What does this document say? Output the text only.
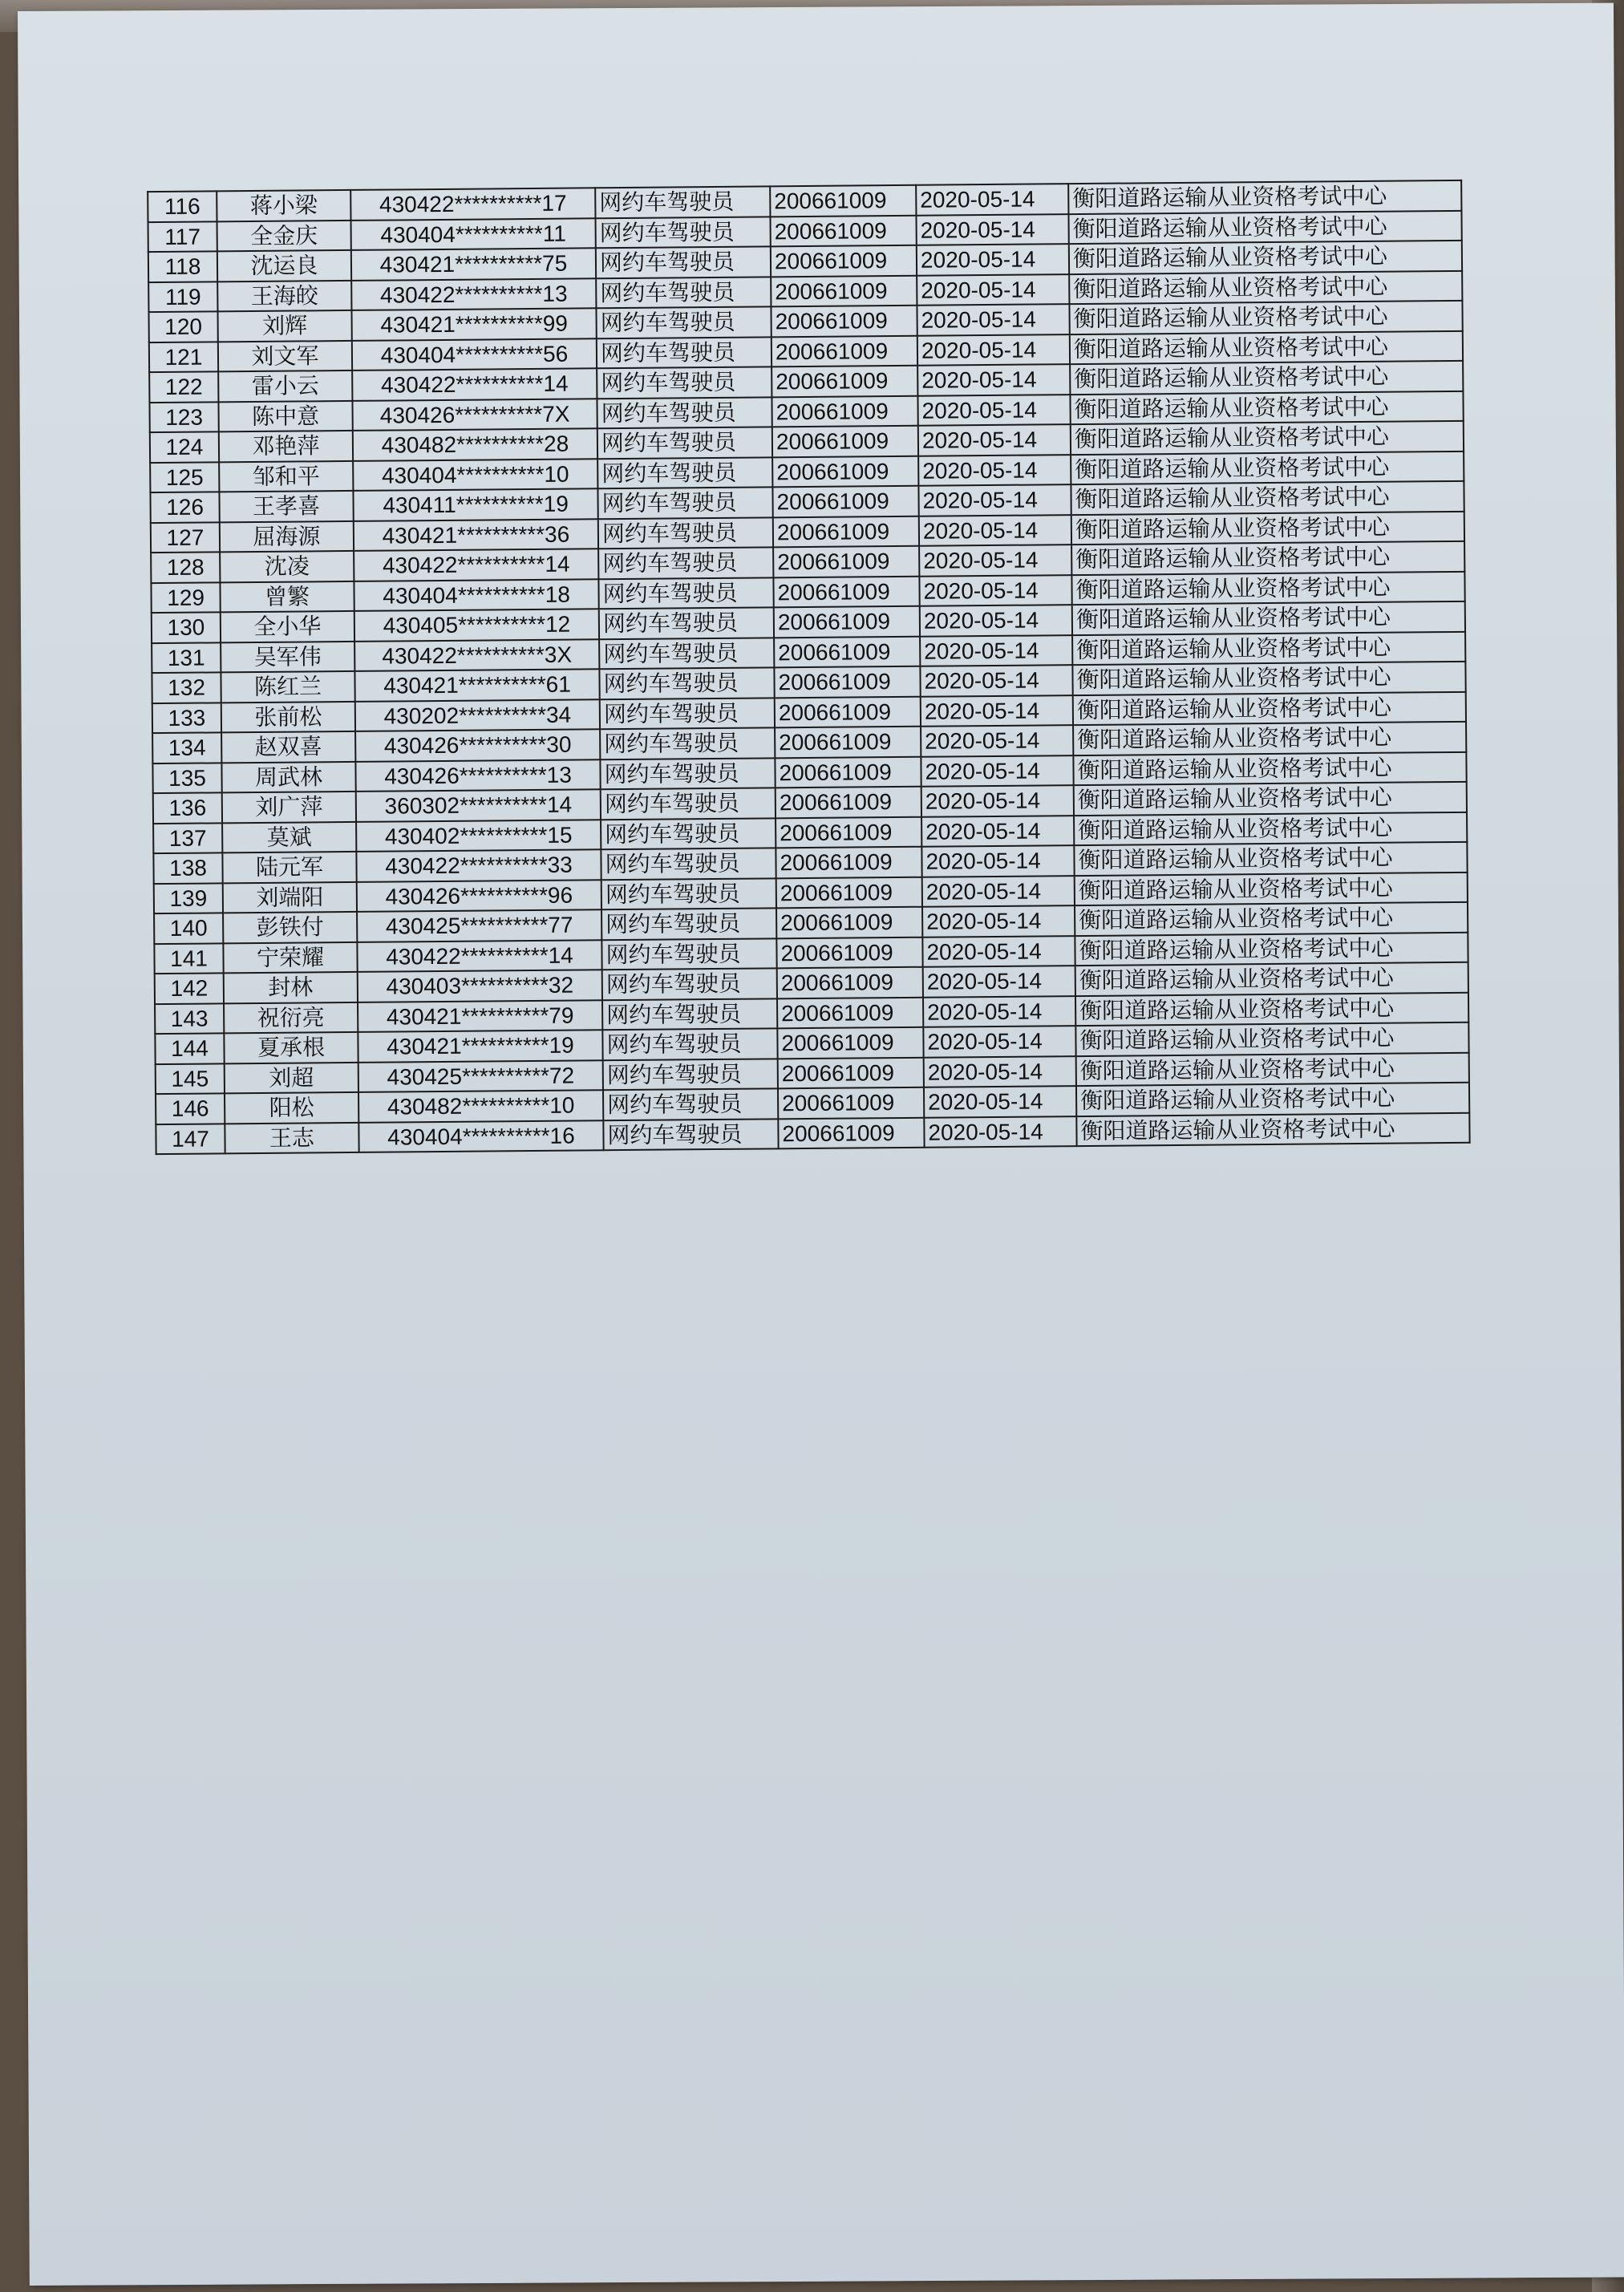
116	蒋小梁	430422**********17	网约车驾驶员	200661009	2020-05-14	衡阳道路运输从业资格考试中心
117	全金庆	430404**********11	网约车驾驶员	200661009	2020-05-14	衡阳道路运输从业资格考试中心
118	沈运良	430421**********75	网约车驾驶员	200661009	2020-05-14	衡阳道路运输从业资格考试中心
119	王海皎	430422**********13	网约车驾驶员	200661009	2020-05-14	衡阳道路运输从业资格考试中心
120	刘辉	430421**********99	网约车驾驶员	200661009	2020-05-14	衡阳道路运输从业资格考试中心
121	刘文军	430404**********56	网约车驾驶员	200661009	2020-05-14	衡阳道路运输从业资格考试中心
122	雷小云	430422**********14	网约车驾驶员	200661009	2020-05-14	衡阳道路运输从业资格考试中心
123	陈中意	430426**********7X	网约车驾驶员	200661009	2020-05-14	衡阳道路运输从业资格考试中心
124	邓艳萍	430482**********28	网约车驾驶员	200661009	2020-05-14	衡阳道路运输从业资格考试中心
125	邹和平	430404**********10	网约车驾驶员	200661009	2020-05-14	衡阳道路运输从业资格考试中心
126	王孝喜	430411**********19	网约车驾驶员	200661009	2020-05-14	衡阳道路运输从业资格考试中心
127	屈海源	430421**********36	网约车驾驶员	200661009	2020-05-14	衡阳道路运输从业资格考试中心
128	沈凌	430422**********14	网约车驾驶员	200661009	2020-05-14	衡阳道路运输从业资格考试中心
129	曾繁	430404**********18	网约车驾驶员	200661009	2020-05-14	衡阳道路运输从业资格考试中心
130	全小华	430405**********12	网约车驾驶员	200661009	2020-05-14	衡阳道路运输从业资格考试中心
131	吴军伟	430422**********3X	网约车驾驶员	200661009	2020-05-14	衡阳道路运输从业资格考试中心
132	陈红兰	430421**********61	网约车驾驶员	200661009	2020-05-14	衡阳道路运输从业资格考试中心
133	张前松	430202**********34	网约车驾驶员	200661009	2020-05-14	衡阳道路运输从业资格考试中心
134	赵双喜	430426**********30	网约车驾驶员	200661009	2020-05-14	衡阳道路运输从业资格考试中心
135	周武林	430426**********13	网约车驾驶员	200661009	2020-05-14	衡阳道路运输从业资格考试中心
136	刘广萍	360302**********14	网约车驾驶员	200661009	2020-05-14	衡阳道路运输从业资格考试中心
137	莫斌	430402**********15	网约车驾驶员	200661009	2020-05-14	衡阳道路运输从业资格考试中心
138	陆元军	430422**********33	网约车驾驶员	200661009	2020-05-14	衡阳道路运输从业资格考试中心
139	刘端阳	430426**********96	网约车驾驶员	200661009	2020-05-14	衡阳道路运输从业资格考试中心
140	彭铁付	430425**********77	网约车驾驶员	200661009	2020-05-14	衡阳道路运输从业资格考试中心
141	宁荣耀	430422**********14	网约车驾驶员	200661009	2020-05-14	衡阳道路运输从业资格考试中心
142	封林	430403**********32	网约车驾驶员	200661009	2020-05-14	衡阳道路运输从业资格考试中心
143	祝衍亮	430421**********79	网约车驾驶员	200661009	2020-05-14	衡阳道路运输从业资格考试中心
144	夏承根	430421**********19	网约车驾驶员	200661009	2020-05-14	衡阳道路运输从业资格考试中心
145	刘超	430425**********72	网约车驾驶员	200661009	2020-05-14	衡阳道路运输从业资格考试中心
146	阳松	430482**********10	网约车驾驶员	200661009	2020-05-14	衡阳道路运输从业资格考试中心
147	王志	430404**********16	网约车驾驶员	200661009	2020-05-14	衡阳道路运输从业资格考试中心
